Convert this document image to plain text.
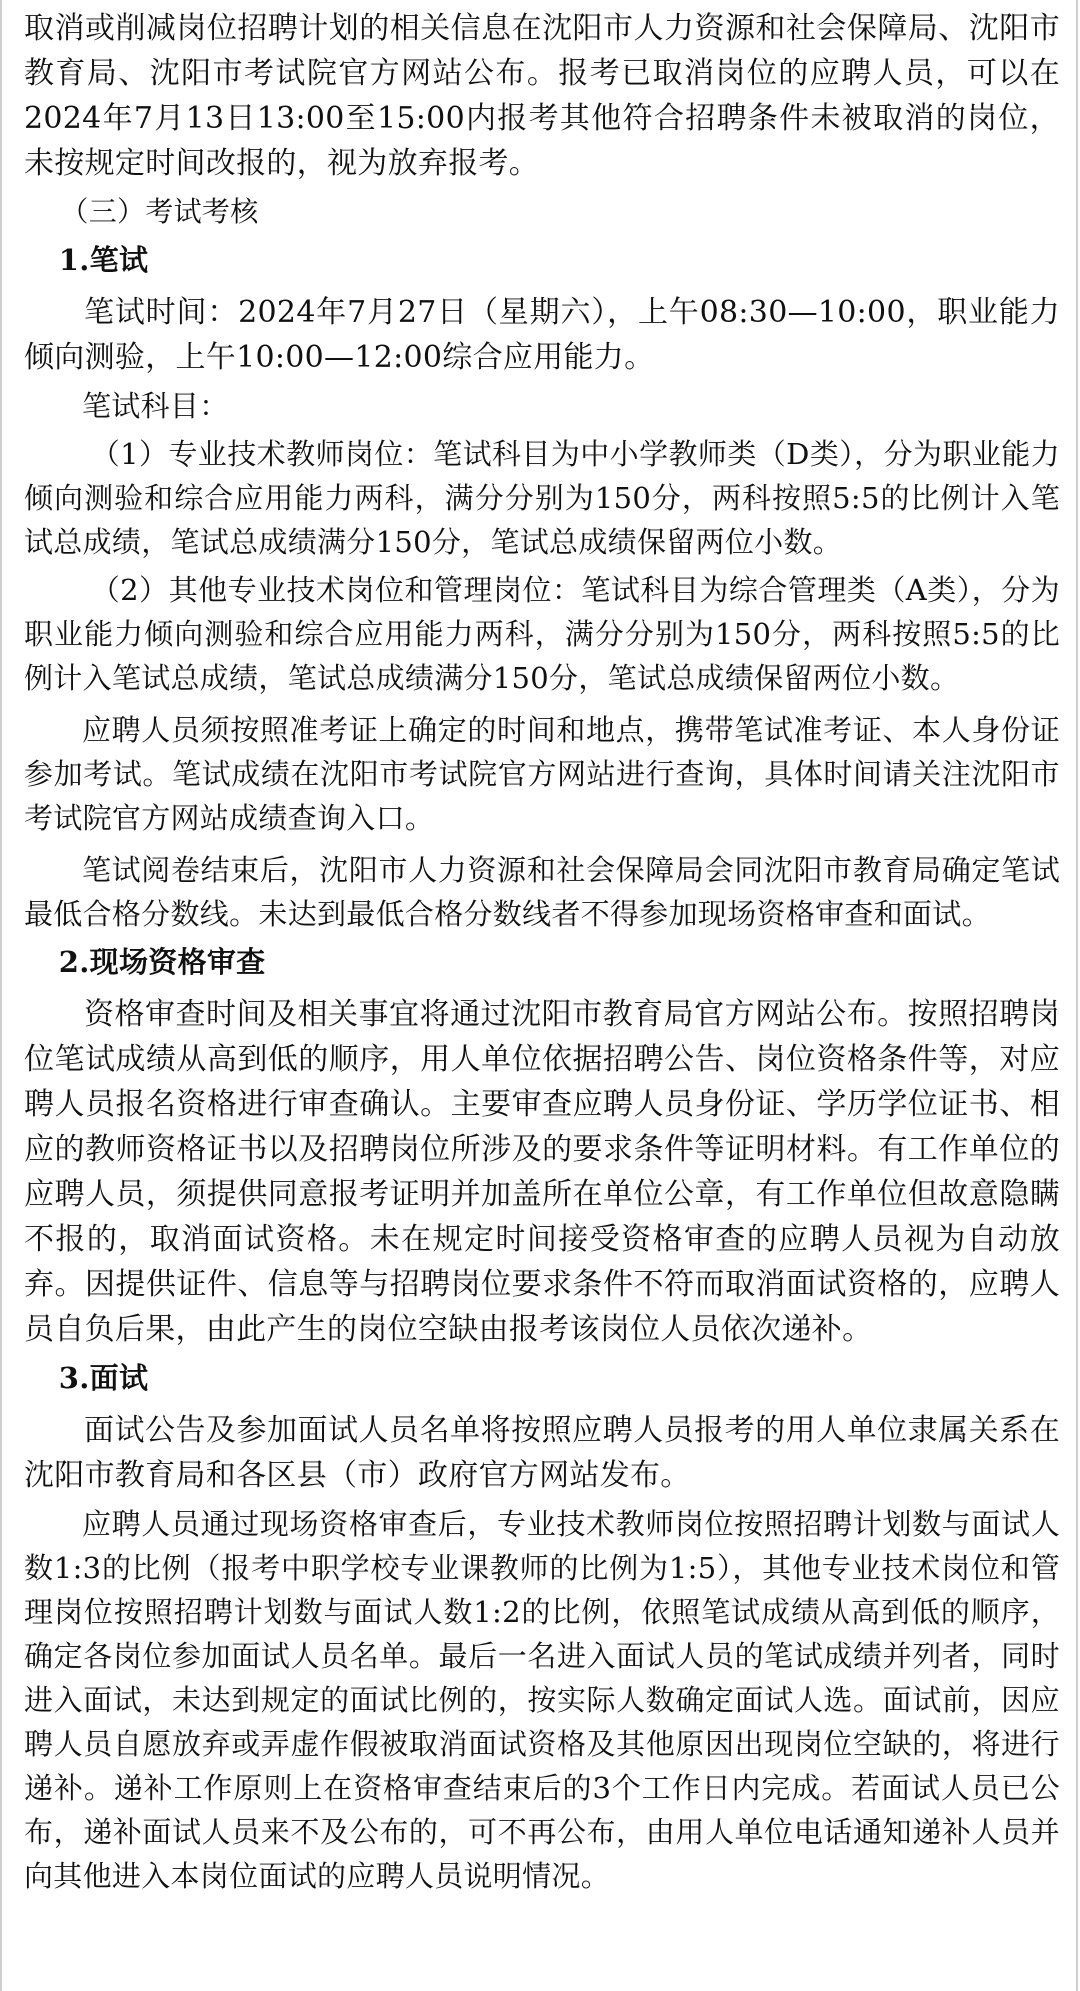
取消或削减岗位招聘计划的相关信息在沈阳市人力资源和社会保障局、沈阳市教育局、沈阳市考试院官方网站公布。报考已取消岗位的应聘人员，可以在2024年7月13日13:00至15:00内报考其他符合招聘条件未被取消的岗位，未按规定时间改报的，视为放弃报考。

（三）考试考核

1.笔试

笔试时间：2024年7月27日（星期六），上午08:30—10:00，职业能力倾向测验，上午10:00—12:00综合应用能力。

笔试科目：

（1）专业技术教师岗位：笔试科目为中小学教师类（D类），分为职业能力倾向测验和综合应用能力两科，满分分别为150分，两科按照5:5的比例计入笔试总成绩，笔试总成绩满分150分，笔试总成绩保留两位小数。

（2）其他专业技术岗位和管理岗位：笔试科目为综合管理类（A类），分为职业能力倾向测验和综合应用能力两科，满分分别为150分，两科按照5:5的比例计入笔试总成绩，笔试总成绩满分150分，笔试总成绩保留两位小数。

应聘人员须按照准考证上确定的时间和地点，携带笔试准考证、本人身份证参加考试。笔试成绩在沈阳市考试院官方网站进行查询，具体时间请关注沈阳市考试院官方网站成绩查询入口。

笔试阅卷结束后，沈阳市人力资源和社会保障局会同沈阳市教育局确定笔试最低合格分数线。未达到最低合格分数线者不得参加现场资格审查和面试。

2.现场资格审查

资格审查时间及相关事宜将通过沈阳市教育局官方网站公布。按照招聘岗位笔试成绩从高到低的顺序，用人单位依据招聘公告、岗位资格条件等，对应聘人员报名资格进行审查确认。主要审查应聘人员身份证、学历学位证书、相应的教师资格证书以及招聘岗位所涉及的要求条件等证明材料。有工作单位的应聘人员，须提供同意报考证明并加盖所在单位公章，有工作单位但故意隐瞒不报的，取消面试资格。未在规定时间接受资格审查的应聘人员视为自动放弃。因提供证件、信息等与招聘岗位要求条件不符而取消面试资格的，应聘人员自负后果，由此产生的岗位空缺由报考该岗位人员依次递补。

3.面试

面试公告及参加面试人员名单将按照应聘人员报考的用人单位隶属关系在沈阳市教育局和各区县（市）政府官方网站发布。

应聘人员通过现场资格审查后，专业技术教师岗位按照招聘计划数与面试人数1:3的比例（报考中职学校专业课教师的比例为1:5），其他专业技术岗位和管理岗位按照招聘计划数与面试人数1:2的比例，依照笔试成绩从高到低的顺序，确定各岗位参加面试人员名单。最后一名进入面试人员的笔试成绩并列者，同时进入面试，未达到规定的面试比例的，按实际人数确定面试人选。面试前，因应聘人员自愿放弃或弄虚作假被取消面试资格及其他原因出现岗位空缺的，将进行递补。递补工作原则上在资格审查结束后的3个工作日内完成。若面试人员已公布，递补面试人员来不及公布的，可不再公布，由用人单位电话通知递补人员并向其他进入本岗位面试的应聘人员说明情况。
